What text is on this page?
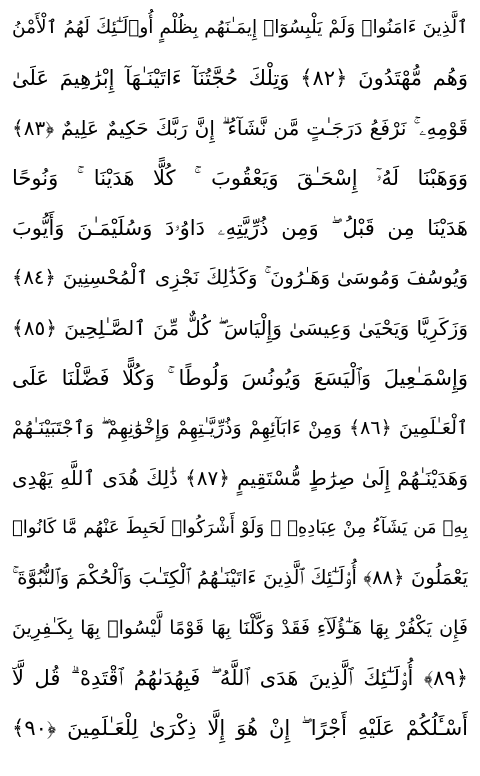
ٱلَّذِينَ ءَامَنُوا۟ وَلَمْ يَلْبِسُوٓا۟ إِيمَـٰنَهُم بِظُلْمٍ أُو۟لَـٰٓئِكَ لَهُمُ ٱلْأَمْنُ
وَهُم مُّهْتَدُونَ ﴿٨٢﴾ وَتِلْكَ حُجَّتُنَآ ءَاتَيْنَـٰهَآ إِبْرَٰهِيمَ عَلَىٰ
قَوْمِهِۦ ۚ نَرْفَعُ دَرَجَـٰتٍ مَّن نَّشَآءُ ۗ إِنَّ رَبَّكَ حَكِيمٌ عَلِيمٌ ﴿٨٣﴾
وَوَهَبْنَا لَهُۥٓ إِسْحَـٰقَ وَيَعْقُوبَ ۚ كُلًّا هَدَيْنَا ۚ وَنُوحًا
هَدَيْنَا مِن قَبْلُ ۖ وَمِن ذُرِّيَّتِهِۦ دَاوُۥدَ وَسُلَيْمَـٰنَ وَأَيُّوبَ
وَيُوسُفَ وَمُوسَىٰ وَهَـٰرُونَ ۚ وَكَذَٰلِكَ نَجْزِى ٱلْمُحْسِنِينَ ﴿٨٤﴾
وَزَكَرِيَّا وَيَحْيَىٰ وَعِيسَىٰ وَإِلْيَاسَ ۖ كُلٌّ مِّنَ ٱلصَّـٰلِحِينَ ﴿٨٥﴾
وَإِسْمَـٰعِيلَ وَٱلْيَسَعَ وَيُونُسَ وَلُوطًا ۚ وَكُلًّا فَضَّلْنَا عَلَى
ٱلْعَـٰلَمِينَ ﴿٨٦﴾ وَمِنْ ءَابَآئِهِمْ وَذُرِّيَّـٰتِهِمْ وَإِخْوَٰنِهِمْ ۖ وَٱجْتَبَيْنَـٰهُمْ
وَهَدَيْنَـٰهُمْ إِلَىٰ صِرَٰطٍ مُّسْتَقِيمٍ ﴿٨٧﴾ ذَٰلِكَ هُدَى ٱللَّهِ يَهْدِى
بِهِۦ مَن يَشَآءُ مِنْ عِبَادِهِۦ ۚ وَلَوْ أَشْرَكُوا۟ لَحَبِطَ عَنْهُم مَّا كَانُوا۟
يَعْمَلُونَ ﴿٨٨﴾ أُو۟لَـٰٓئِكَ ٱلَّذِينَ ءَاتَيْنَـٰهُمُ ٱلْكِتَـٰبَ وَٱلْحُكْمَ وَٱلنُّبُوَّةَ ۚ
فَإِن يَكْفُرْ بِهَا هَـٰٓؤُلَآءِ فَقَدْ وَكَّلْنَا بِهَا قَوْمًا لَّيْسُوا۟ بِهَا بِكَـٰفِرِينَ
﴿٨٩﴾ أُو۟لَـٰٓئِكَ ٱلَّذِينَ هَدَى ٱللَّهُ ۖ فَبِهُدَىٰهُمُ ٱقْتَدِهْ ۗ قُل لَّآ
أَسْـَٔلُكُمْ عَلَيْهِ أَجْرًا ۖ إِنْ هُوَ إِلَّا ذِكْرَىٰ لِلْعَـٰلَمِينَ ﴿٩٠﴾
